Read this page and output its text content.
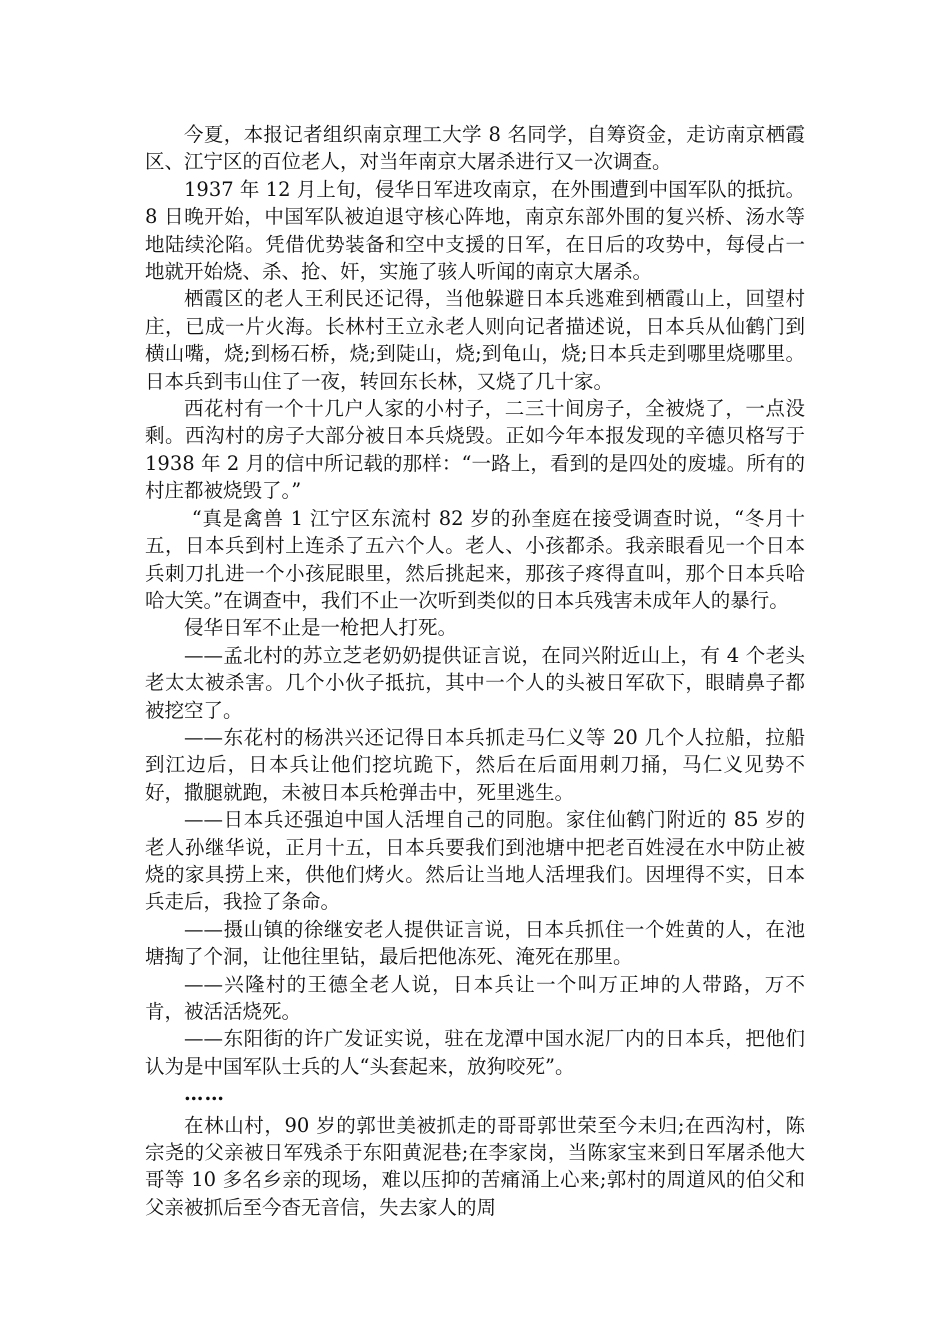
今夏，本报记者组织南京理工大学 8 名同学，自筹资金，走访南京栖霞区、江宁区的百位老人，对当年南京大屠杀进行又一次调查。

1937 年 12 月上旬，侵华日军进攻南京，在外围遭到中国军队的抵抗。8 日晚开始，中国军队被迫退守核心阵地，南京东部外围的复兴桥、汤水等地陆续沦陷。凭借优势装备和空中支援的日军，在日后的攻势中，每侵占一地就开始烧、杀、抢、奸，实施了骇人听闻的南京大屠杀。

栖霞区的老人王利民还记得，当他躲避日本兵逃难到栖霞山上，回望村庄，已成一片火海。长林村王立永老人则向记者描述说，日本兵从仙鹤门到横山嘴，烧;到杨石桥，烧;到陡山，烧;到龟山，烧;日本兵走到哪里烧哪里。日本兵到韦山住了一夜，转回东长林，又烧了几十家。

西花村有一个十几户人家的小村子，二三十间房子，全被烧了，一点没剩。西沟村的房子大部分被日本兵烧毁。正如今年本报发现的辛德贝格写于 1938 年 2 月的信中所记载的那样：“一路上，看到的是四处的废墟。所有的村庄都被烧毁了。”

“真是禽兽 1 江宁区东流村 82 岁的孙奎庭在接受调查时说，“冬月十五，日本兵到村上连杀了五六个人。老人、小孩都杀。我亲眼看见一个日本兵刺刀扎进一个小孩屁眼里，然后挑起来，那孩子疼得直叫，那个日本兵哈哈大笑。”在调查中，我们不止一次听到类似的日本兵残害未成年人的暴行。

侵华日军不止是一枪把人打死。

——孟北村的苏立芝老奶奶提供证言说，在同兴附近山上，有 4 个老头老太太被杀害。几个小伙子抵抗，其中一个人的头被日军砍下，眼睛鼻子都被挖空了。

——东花村的杨洪兴还记得日本兵抓走马仁义等 20 几个人拉船，拉船到江边后，日本兵让他们挖坑跪下，然后在后面用刺刀捅，马仁义见势不好，撒腿就跑，未被日本兵枪弹击中，死里逃生。

——日本兵还强迫中国人活埋自己的同胞。家住仙鹤门附近的 85 岁的老人孙继华说，正月十五，日本兵要我们到池塘中把老百姓浸在水中防止被烧的家具捞上来，供他们烤火。然后让当地人活埋我们。因埋得不实，日本兵走后，我捡了条命。

——摄山镇的徐继安老人提供证言说，日本兵抓住一个姓黄的人，在池塘掏了个洞，让他往里钻，最后把他冻死、淹死在那里。

——兴隆村的王德全老人说，日本兵让一个叫万正坤的人带路，万不肯，被活活烧死。

——东阳街的许广发证实说，驻在龙潭中国水泥厂内的日本兵，把他们认为是中国军队士兵的人“头套起来，放狗咬死”。

……

在林山村，90 岁的郭世美被抓走的哥哥郭世荣至今未归;在西沟村，陈宗尧的父亲被日军残杀于东阳黄泥巷;在李家岗，当陈家宝来到日军屠杀他大哥等 10 多名乡亲的现场，难以压抑的苦痛涌上心来;郭村的周道风的伯父和父亲被抓后至今杳无音信，失去家人的周
